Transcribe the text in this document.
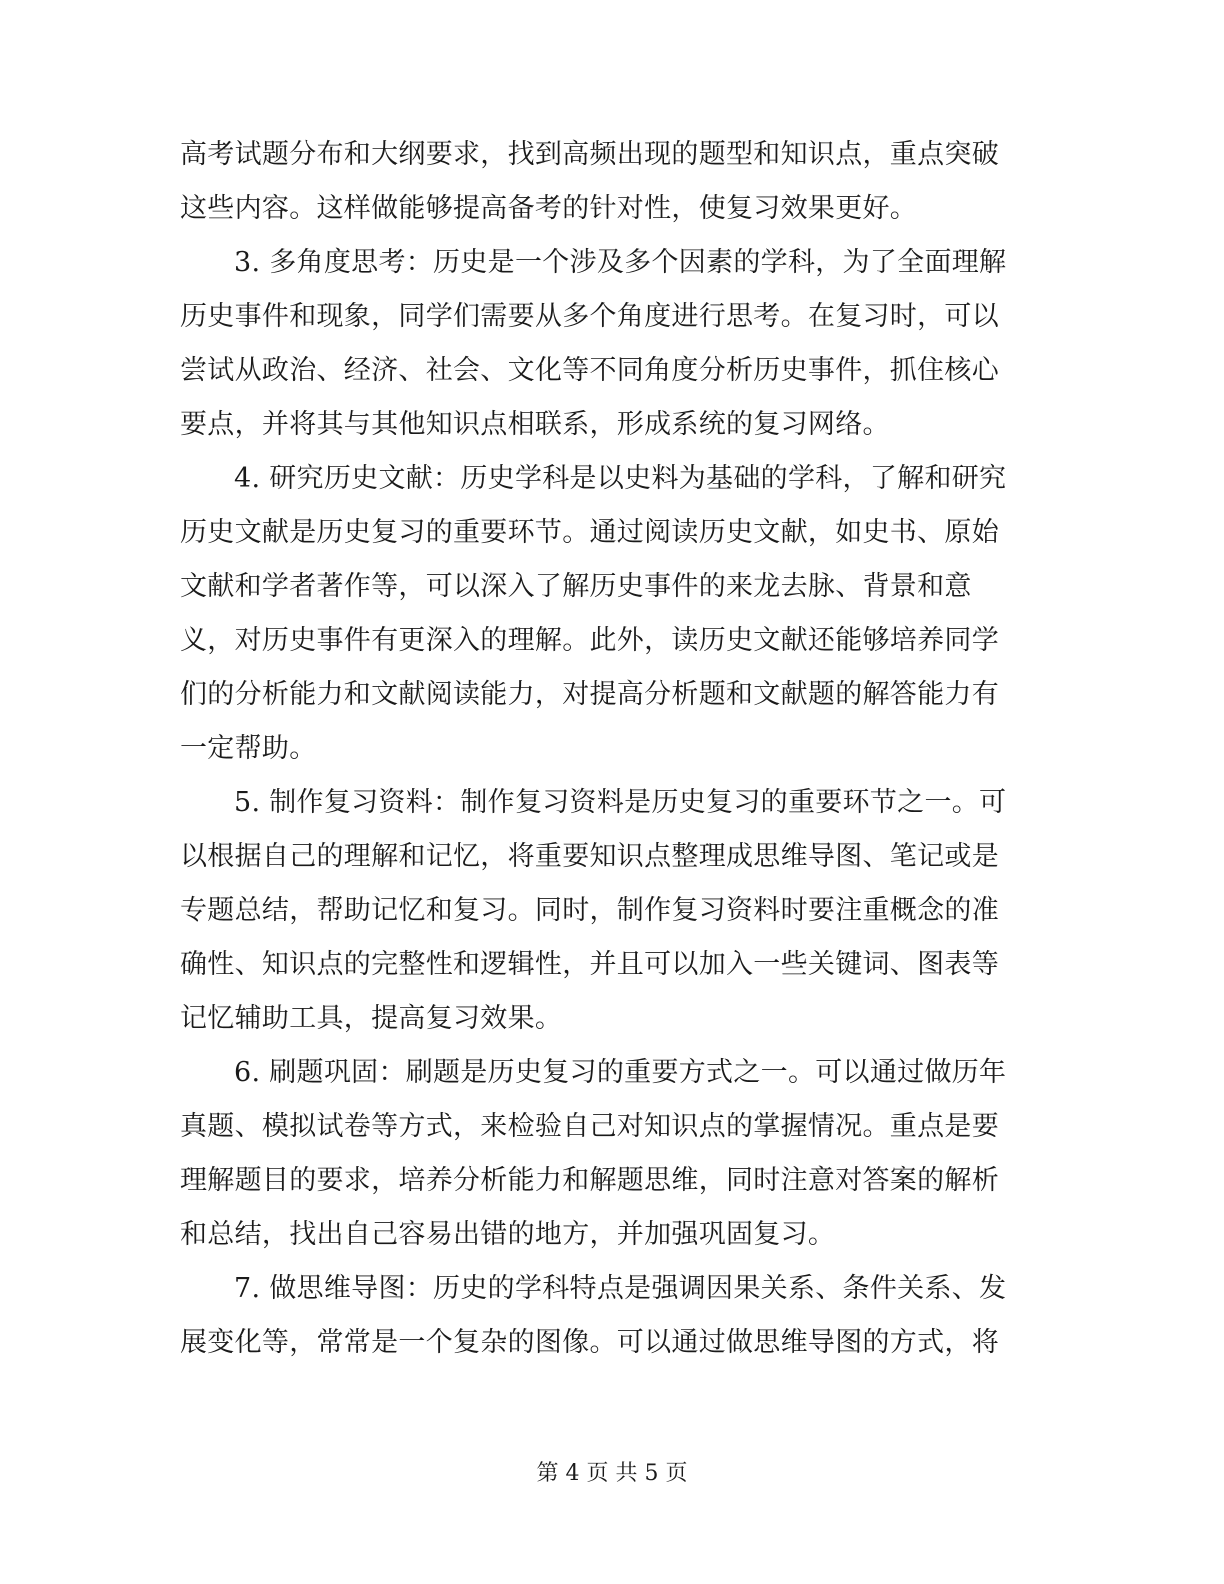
高考试题分布和大纲要求，找到高频出现的题型和知识点，重点突破
这些内容。这样做能够提高备考的针对性，使复习效果更好。
3. 多角度思考：历史是一个涉及多个因素的学科，为了全面理解
历史事件和现象，同学们需要从多个角度进行思考。在复习时，可以
尝试从政治、经济、社会、文化等不同角度分析历史事件，抓住核心
要点，并将其与其他知识点相联系，形成系统的复习网络。
4. 研究历史文献：历史学科是以史料为基础的学科，了解和研究
历史文献是历史复习的重要环节。通过阅读历史文献，如史书、原始
文献和学者著作等，可以深入了解历史事件的来龙去脉、背景和意
义，对历史事件有更深入的理解。此外，读历史文献还能够培养同学
们的分析能力和文献阅读能力，对提高分析题和文献题的解答能力有
一定帮助。
5. 制作复习资料：制作复习资料是历史复习的重要环节之一。可
以根据自己的理解和记忆，将重要知识点整理成思维导图、笔记或是
专题总结，帮助记忆和复习。同时，制作复习资料时要注重概念的准
确性、知识点的完整性和逻辑性，并且可以加入一些关键词、图表等
记忆辅助工具，提高复习效果。
6. 刷题巩固：刷题是历史复习的重要方式之一。可以通过做历年
真题、模拟试卷等方式，来检验自己对知识点的掌握情况。重点是要
理解题目的要求，培养分析能力和解题思维，同时注意对答案的解析
和总结，找出自己容易出错的地方，并加强巩固复习。
7. 做思维导图：历史的学科特点是强调因果关系、条件关系、发
展变化等，常常是一个复杂的图像。可以通过做思维导图的方式，将
第 4 页 共 5 页
